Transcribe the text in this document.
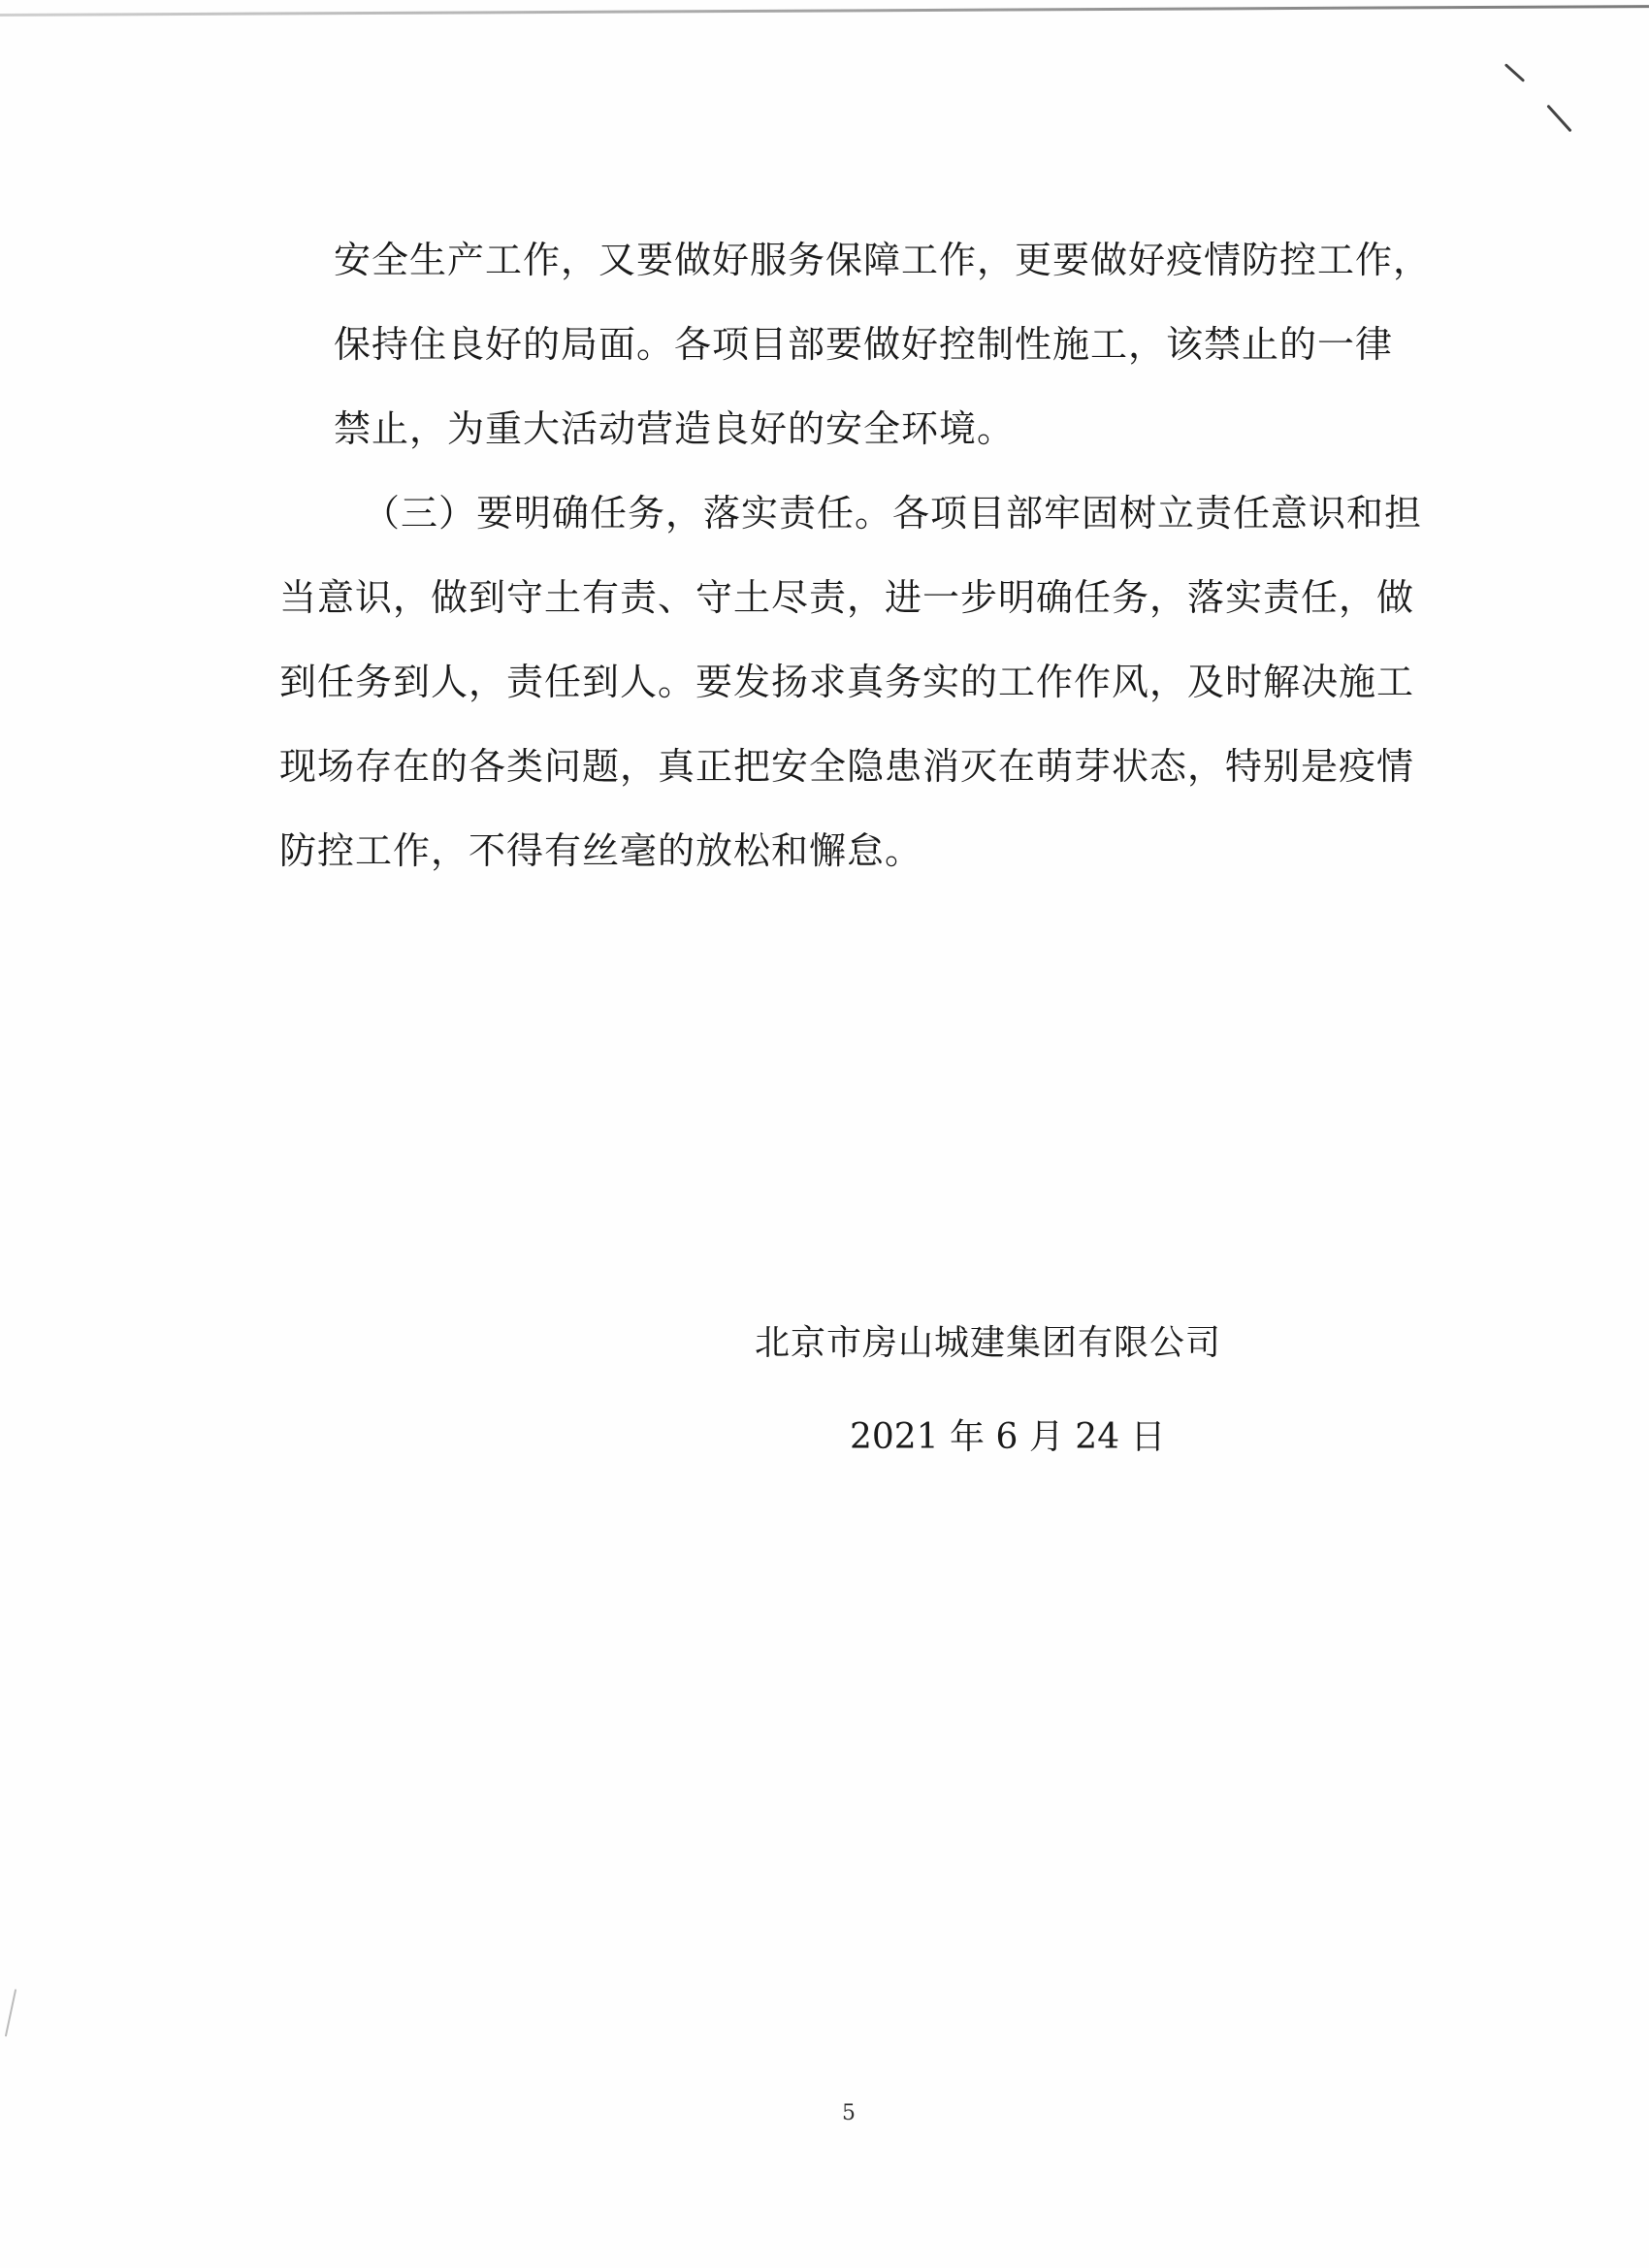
安全生产工作，又要做好服务保障工作，更要做好疫情防控工作，
保持住良好的局面。各项目部要做好控制性施工，该禁止的一律
禁止，为重大活动营造良好的安全环境。
（三）要明确任务，落实责任。各项目部牢固树立责任意识和担
当意识，做到守土有责、守土尽责，进一步明确任务，落实责任，做
到任务到人，责任到人。要发扬求真务实的工作作风，及时解决施工
现场存在的各类问题，真正把安全隐患消灭在萌芽状态，特别是疫情
防控工作，不得有丝毫的放松和懈怠。
北京市房山城建集团有限公司
2021 年 6 月 24 日
5
